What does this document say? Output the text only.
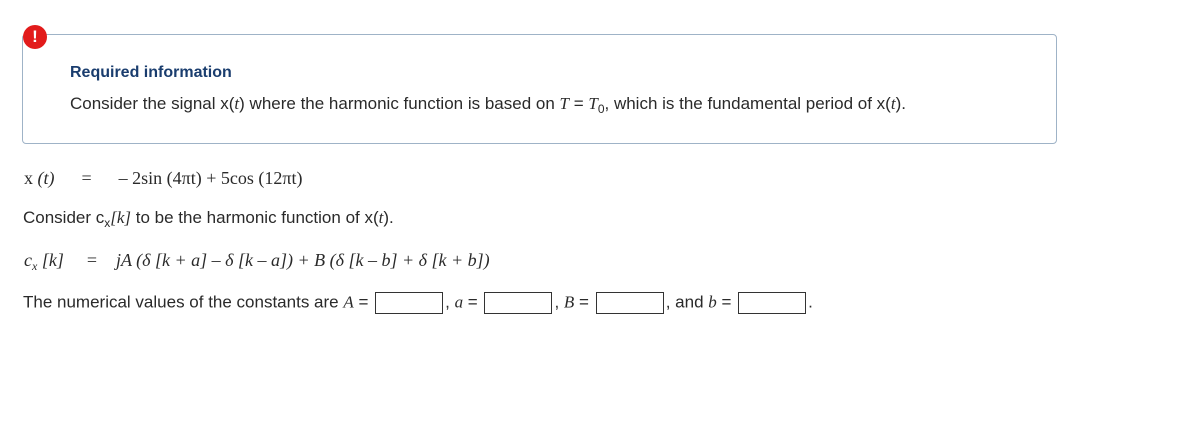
Required information
Consider the signal x(t) where the harmonic function is based on $T = T_0$, which is the fundamental period of x(t).
!
x (t) = – 2sin (4πt) + 5cos (12πt)
Consider $c_x[k]$ to be the harmonic function of x(t).
$c_x$ [k] = jA (δ [k + a] – δ [k – a]) + B (δ [k – b] + δ [k + b])
The numerical values of the constants are A =	, a =	, B =	, and b =	.
